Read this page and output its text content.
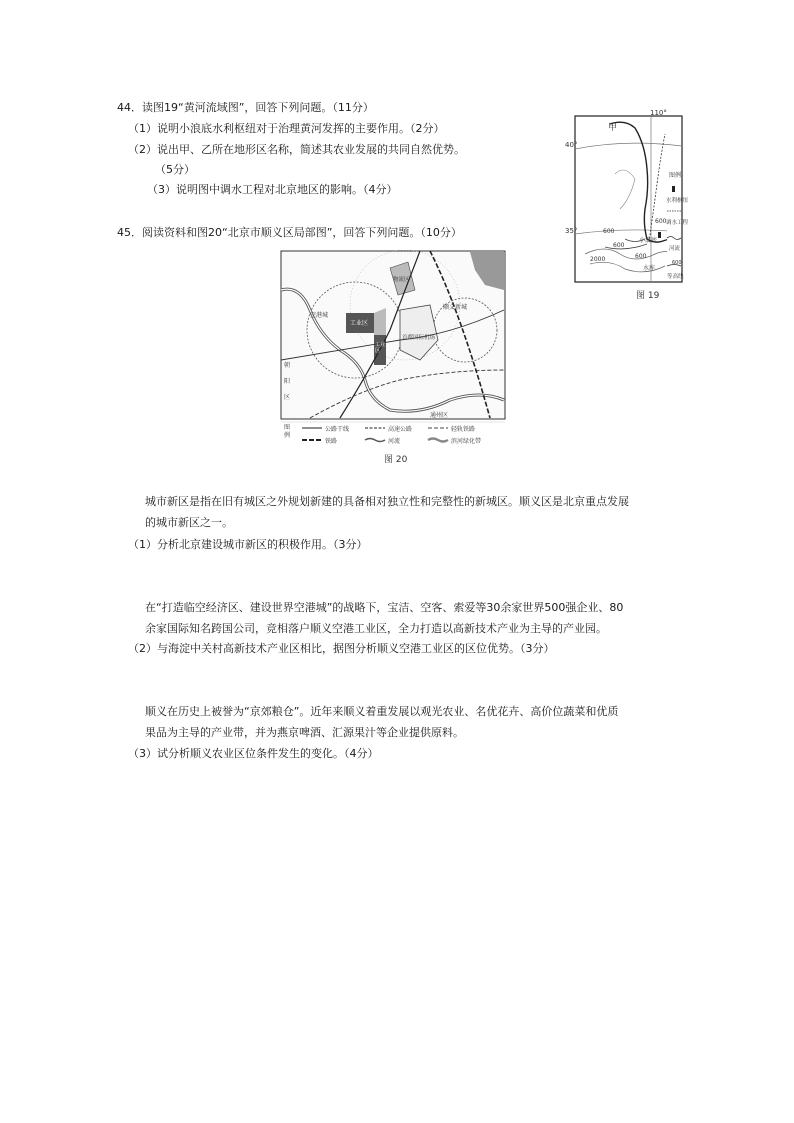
44．读图19“黄河流域图”，回答下列问题。（11分）
（1）说明小浪底水利枢纽对于治理黄河发挥的主要作用。（2分）
（2）说出甲、乙所在地形区名称，简述其农业发展的共同自然优势。
（5分）
（3）说明图中调水工程对北京地区的影响。（4分）
110°
40°
35°
甲
图例
水利枢纽
调水工程
河流
600
等高线
600
600
600
600
2000
小浪底
水库
图 19
45．阅读资料和图20“北京市顺义区局部图”，回答下列问题。（10分）
空港城
工业区
工业区
首都国际机场
物流区
顺义新城
朝阳区
通州区
图例
公路干线	高速公路	轻轨铁路
铁路	河流	滨河绿化带
图 20
城市新区是指在旧有城区之外规划新建的具备相对独立性和完整性的新城区。顺义区是北京重点发展
的城市新区之一。
（1）分析北京建设城市新区的积极作用。（3分）
在“打造临空经济区、建设世界空港城”的战略下，宝洁、空客、索爱等30余家世界500强企业、80
余家国际知名跨国公司，竞相落户顺义空港工业区，全力打造以高新技术产业为主导的产业园。
（2）与海淀中关村高新技术产业区相比，据图分析顺义空港工业区的区位优势。（3分）
顺义在历史上被誉为“京郊粮仓”。近年来顺义着重发展以观光农业、名优花卉、高价位蔬菜和优质
果品为主导的产业带，并为燕京啤酒、汇源果汁等企业提供原料。
（3）试分析顺义农业区位条件发生的变化。（4分）
